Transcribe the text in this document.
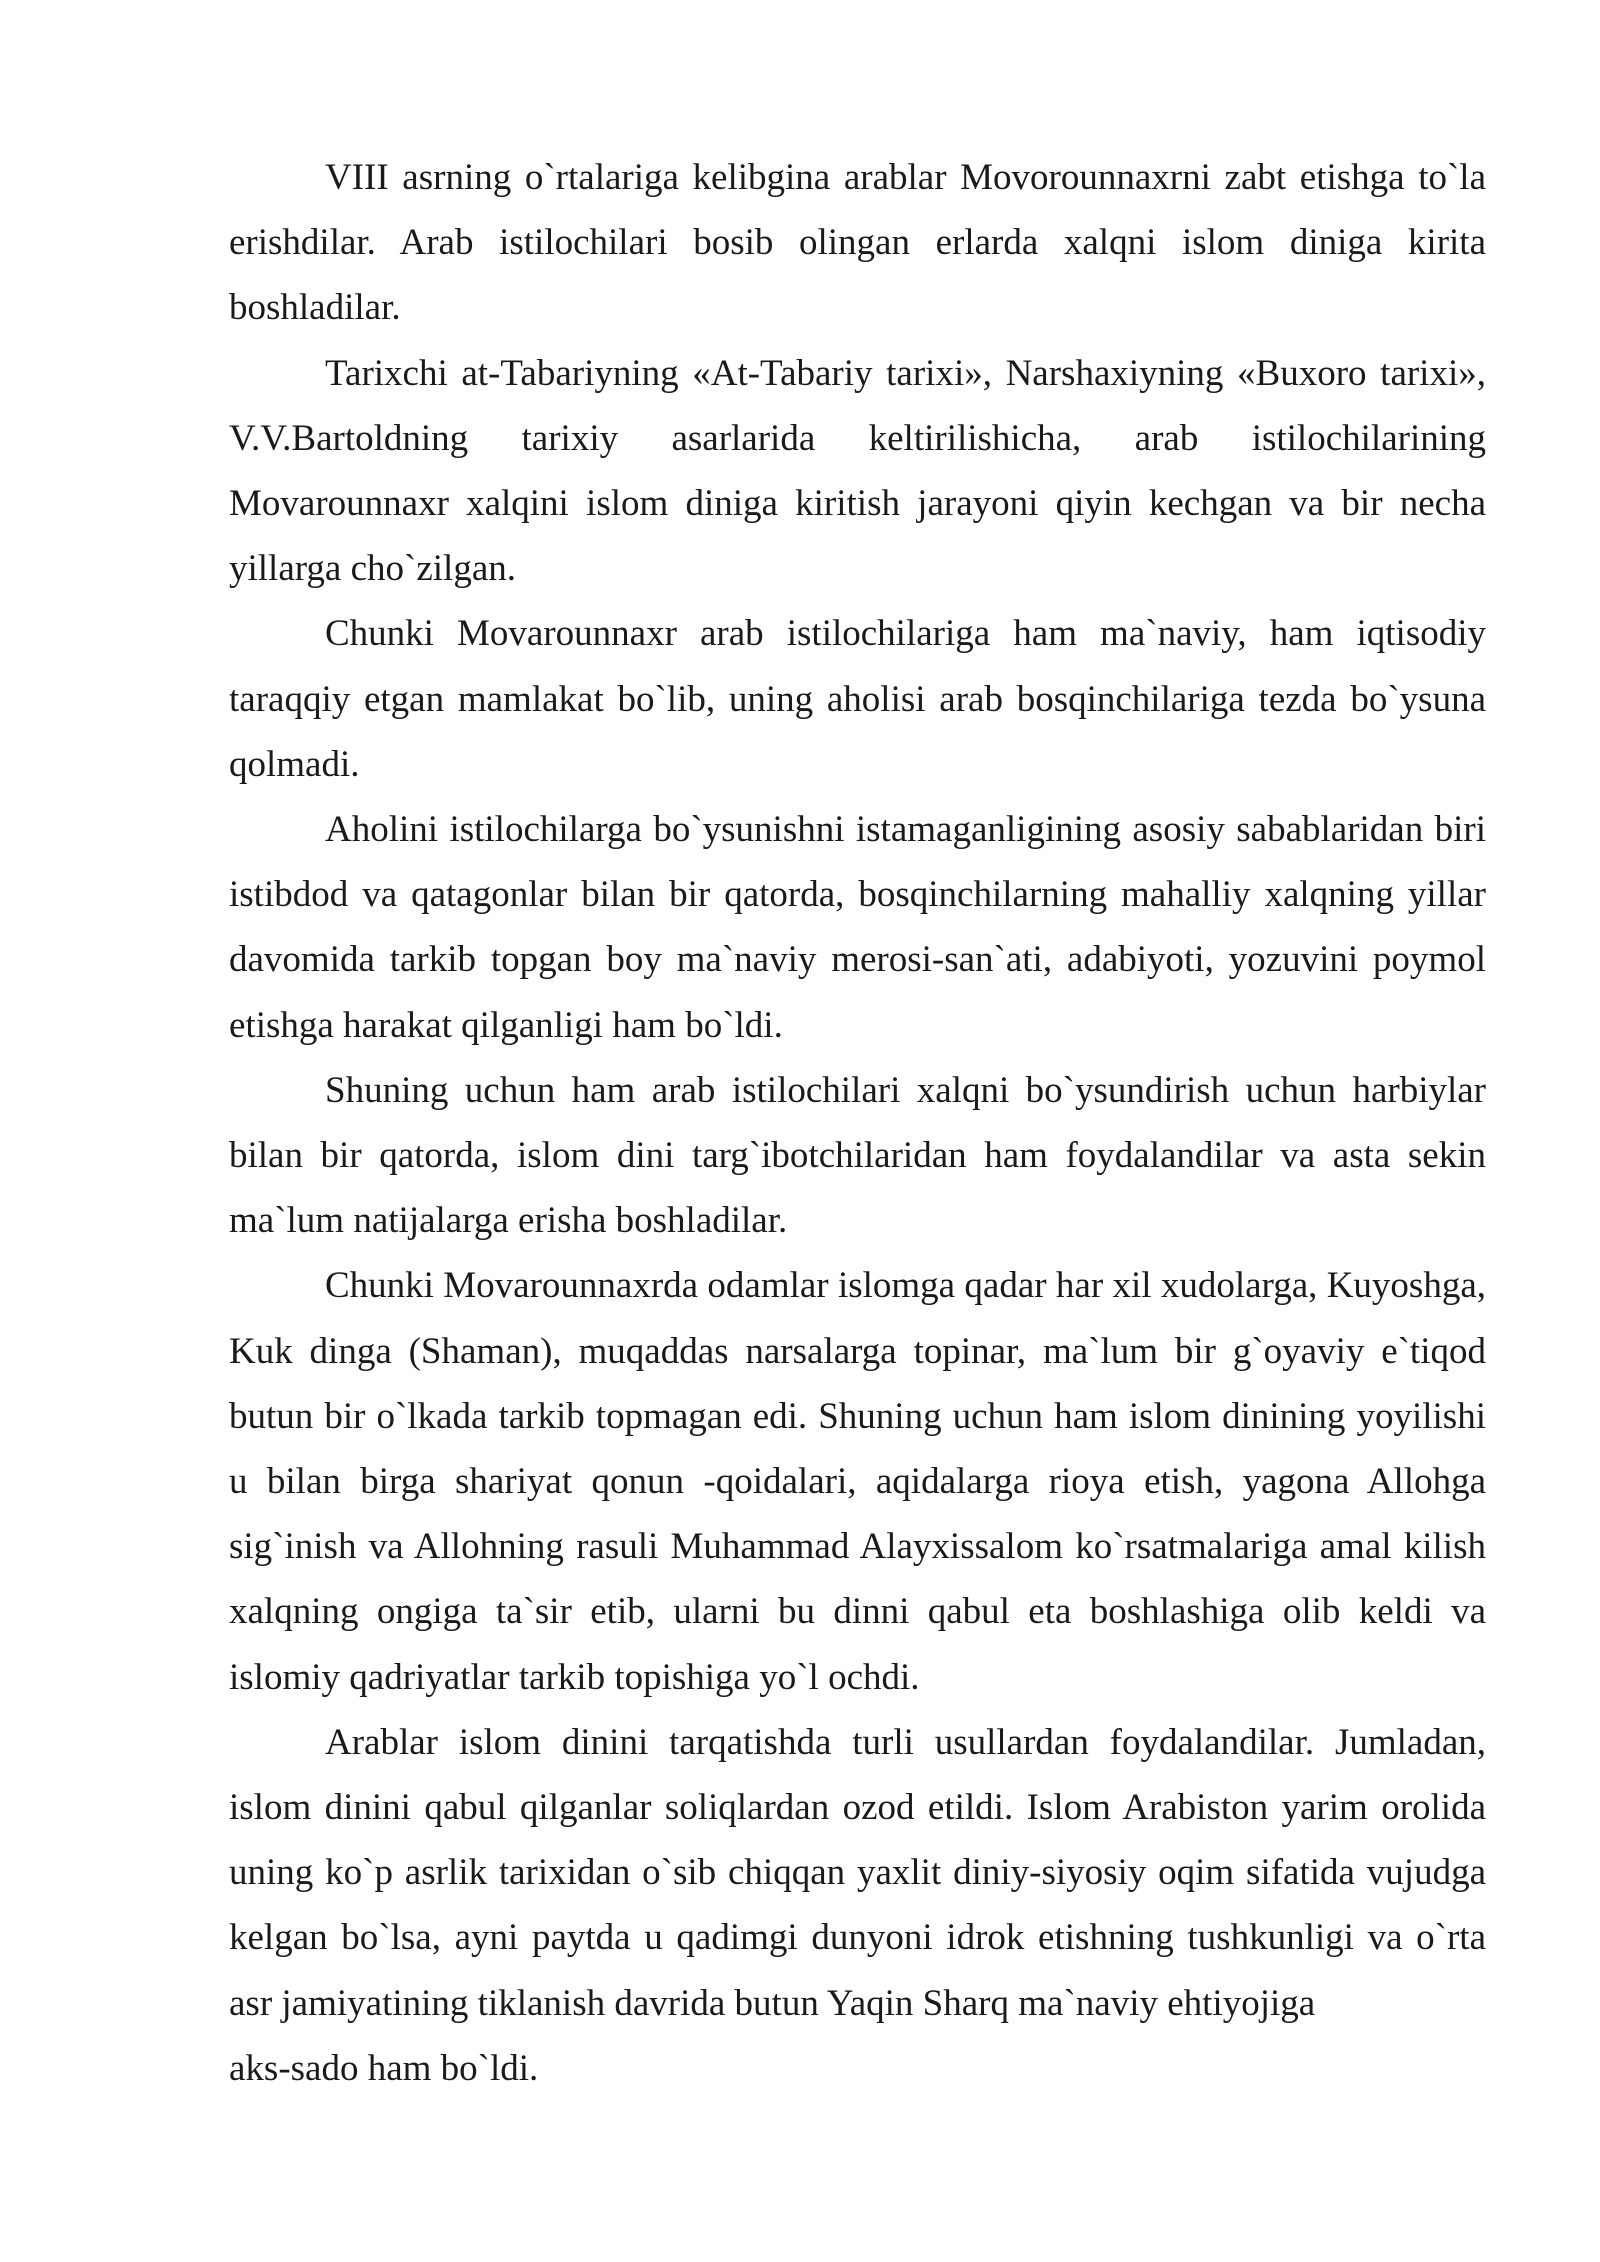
VIII asrning o`rtalariga kelibgina arablar Movorounnaxrni zabt etishga to`la erishdilar. Arab istilochilari bosib olingan erlarda xalqni islom diniga kirita boshladilar.

Tarixchi at-Tabariyning «At-Tabariy tarixi», Narshaxiyning «Buxoro tarixi», V.V.Bartoldning tarixiy asarlarida keltirilishicha, arab istilochilarining Movarounnaxr xalqini islom diniga kiritish jarayoni qiyin kechgan va bir necha yillarga cho`zilgan.

Chunki Movarounnaxr arab istilochilariga ham ma`naviy, ham iqtisodiy taraqqiy etgan mamlakat bo`lib, uning aholisi arab bosqinchilariga tezda bo`ysuna qolmadi.

Aholini istilochilarga bo`ysunishni istamaganligining asosiy sabablaridan biri istibdod va qatagonlar bilan bir qatorda, bosqinchilarning mahalliy xalqning yillar davomida tarkib topgan boy ma`naviy merosi-san`ati, adabiyoti, yozuvini poymol etishga harakat qilganligi ham bo`ldi.

Shuning uchun ham arab istilochilari xalqni bo`ysundirish uchun harbiylar bilan bir qatorda, islom dini targ`ibotchilaridan ham foydalandilar va asta sekin ma`lum natijalarga erisha boshladilar.

Chunki Movarounnaxrda odamlar islomga qadar har xil xudolarga, Kuyoshga, Kuk dinga (Shaman), muqaddas narsalarga topinar, ma`lum bir g`oyaviy e`tiqod butun bir o`lkada tarkib topmagan edi. Shuning uchun ham islom dinining yoyilishi u bilan birga shariyat qonun -qoidalari, aqidalarga rioya etish, yagona Allohga sig`inish va Allohning rasuli Muhammad Alayxissalom ko`rsatmalariga amal kilish xalqning ongiga ta`sir etib, ularni bu dinni qabul eta boshlashiga olib keldi va islomiy qadriyatlar tarkib topishiga yo`l ochdi.

Arablar islom dinini tarqatishda turli usullardan foydalandilar. Jumladan, islom dinini qabul qilganlar soliqlardan ozod etildi. Islom Arabiston yarim orolida uning ko`p asrlik tarixidan o`sib chiqqan yaxlit diniy-siyosiy oqim sifatida vujudga kelgan bo`lsa, ayni paytda u qadimgi dunyoni idrok etishning tushkunligi va o`rta asr jamiyatining tiklanish davrida butun Yaqin Sharq ma`naviy ehtiyojiga

aks-sado ham bo`ldi.
